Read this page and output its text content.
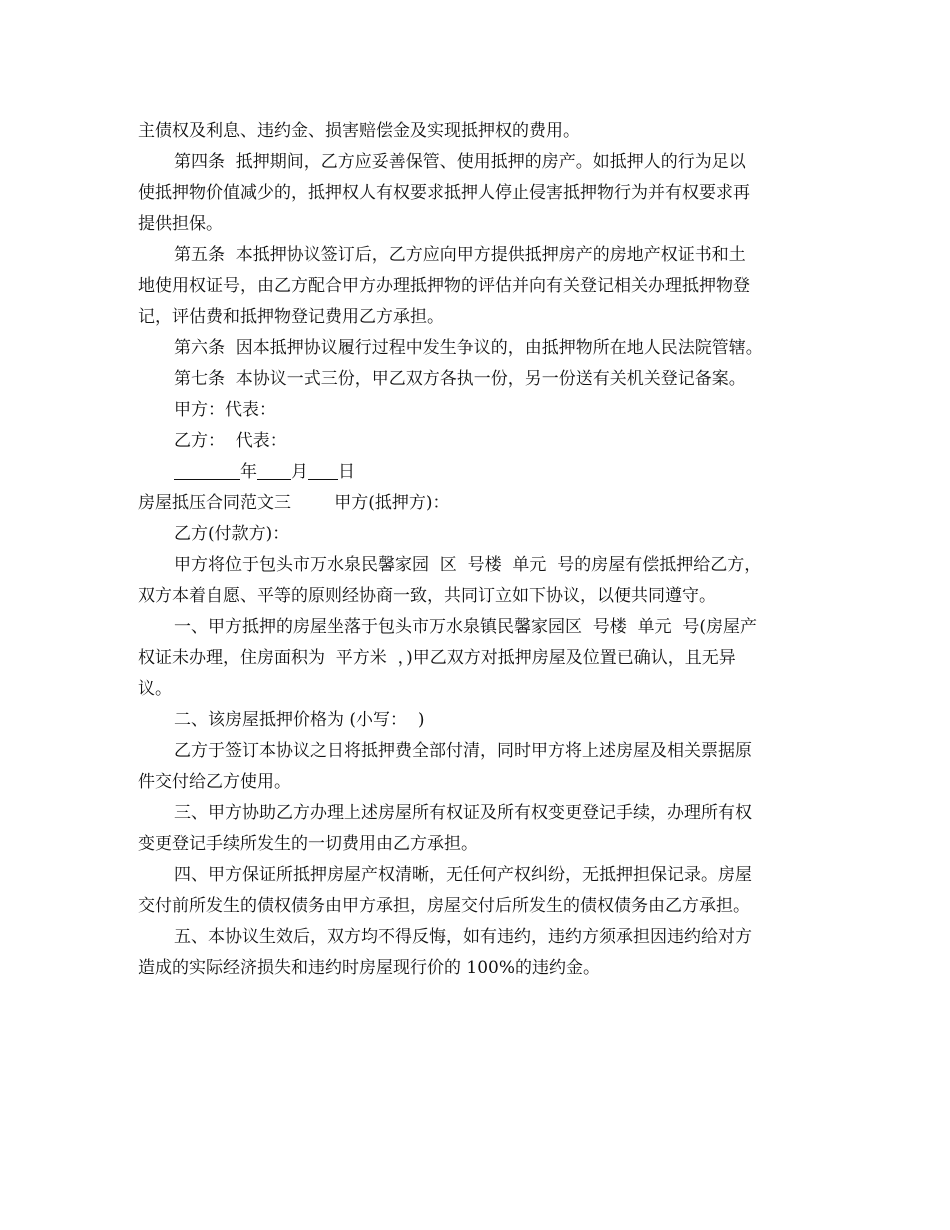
主债权及利息、违约金、损害赔偿金及实现抵押权的费用。
第四条  抵押期间，乙方应妥善保管、使用抵押的房产。如抵押人的行为足以
使抵押物价值减少的，抵押权人有权要求抵押人停止侵害抵押物行为并有权要求再
提供担保。
第五条  本抵押协议签订后，乙方应向甲方提供抵押房产的房地产权证书和土
地使用权证号，由乙方配合甲方办理抵押物的评估并向有关登记相关办理抵押物登
记，评估费和抵押物登记费用乙方承担。
第六条  因本抵押协议履行过程中发生争议的，由抵押物所在地人民法院管辖。
第七条  本协议一式三份，甲乙双方各执一份，另一份送有关机关登记备案。
甲方：代表：
乙方：  代表：
年 月 日
房屋抵压合同范文三        甲方(抵押方)：
乙方(付款方)：
甲方将位于包头市万水泉民馨家园  区  号楼  单元  号的房屋有偿抵押给乙方，
双方本着自愿、平等的原则经协商一致，共同订立如下协议，以便共同遵守。
一、甲方抵押的房屋坐落于包头市万水泉镇民馨家园区  号楼  单元  号(房屋产
权证未办理，住房面积为  平方米  ，)甲乙双方对抵押房屋及位置已确认，且无异
议。
二、该房屋抵押价格为 (小写：  )
乙方于签订本协议之日将抵押费全部付清，同时甲方将上述房屋及相关票据原
件交付给乙方使用。
三、甲方协助乙方办理上述房屋所有权证及所有权变更登记手续，办理所有权
变更登记手续所发生的一切费用由乙方承担。
四、甲方保证所抵押房屋产权清晰，无任何产权纠纷，无抵押担保记录。房屋
交付前所发生的债权债务由甲方承担，房屋交付后所发生的债权债务由乙方承担。
五、本协议生效后，双方均不得反悔，如有违约，违约方须承担因违约给对方
造成的实际经济损失和违约时房屋现行价的 100%的违约金。
